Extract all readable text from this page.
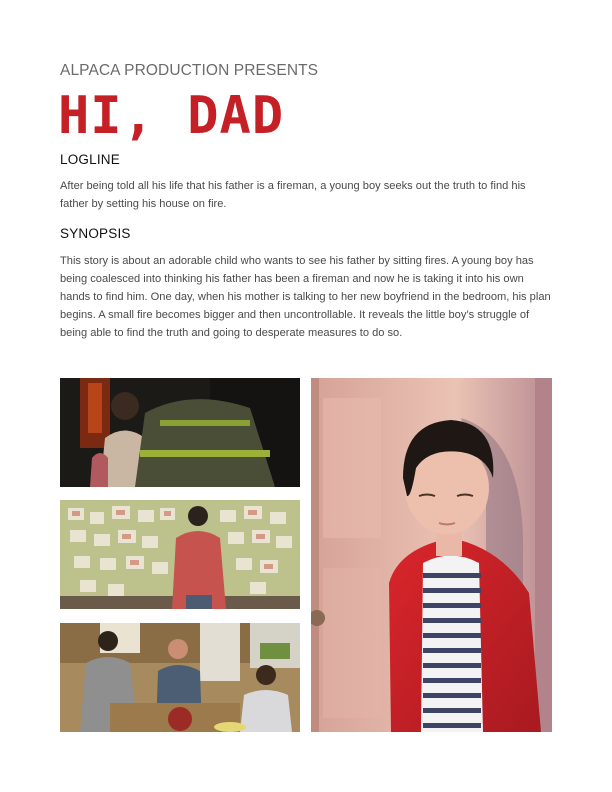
ALPACA PRODUCTION PRESENTS
HI, DAD
LOGLINE
After being told all his life that his father is a fireman, a young boy seeks out the truth to find his father by setting his house on fire.
SYNOPSIS
This story is about an adorable child who wants to see his father by sitting fires. A young boy has being coalesced into thinking his father has been a fireman and now he is taking it into his own hands to find him. One day, when his mother is talking to her new boyfriend in the bedroom, his plan begins. A small fire becomes bigger and then uncontrollable. It reveals the little boy’s struggle of being able to find the truth and going to desperate measures to do so.
